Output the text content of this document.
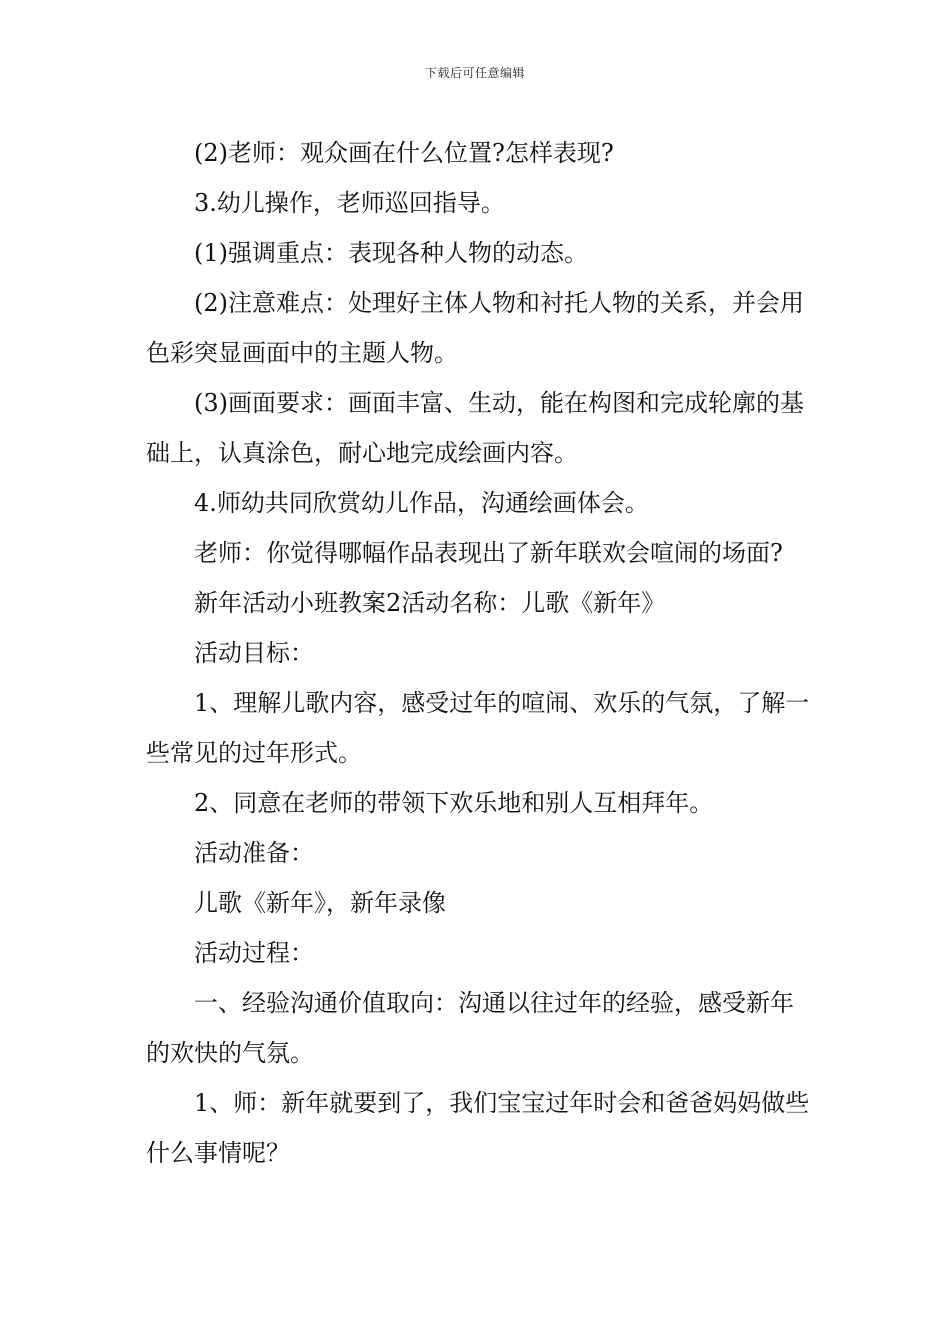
下载后可任意编辑

(2)老师：观众画在什么位置?怎样表现?

3.幼儿操作，老师巡回指导。

(1)强调重点：表现各种人物的动态。

(2)注意难点：处理好主体人物和衬托人物的关系，并会用色彩突显画面中的主题人物。

(3)画面要求：画面丰富、生动，能在构图和完成轮廓的基础上，认真涂色，耐心地完成绘画内容。

4.师幼共同欣赏幼儿作品，沟通绘画体会。

老师：你觉得哪幅作品表现出了新年联欢会喧闹的场面?

新年活动小班教案2活动名称：儿歌《新年》

活动目标：

1、理解儿歌内容，感受过年的喧闹、欢乐的气氛，了解一些常见的过年形式。

2、同意在老师的带领下欢乐地和别人互相拜年。

活动准备：

儿歌《新年》，新年录像

活动过程：

一、经验沟通价值取向：沟通以往过年的经验，感受新年的欢快的气氛。

1、师：新年就要到了，我们宝宝过年时会和爸爸妈妈做些什么事情呢？
